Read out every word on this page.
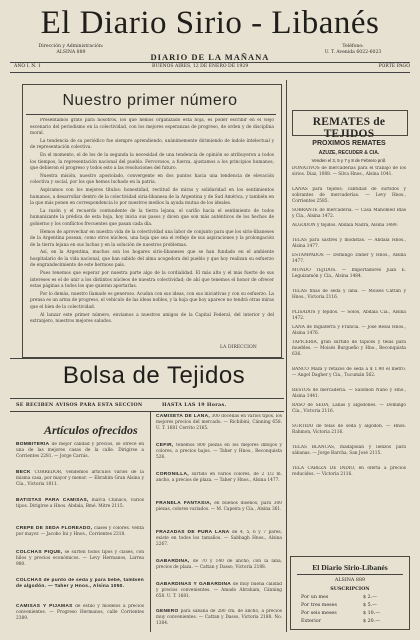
El Diario Sirio - Libanés
Dirección y Administración:
ALSINA 889	DIARIO DE LA MAÑANA
Teléfono:
U. T. Avenida 6022-6023
AÑO I. N. 1	BUENOS AIRES, 12 DE ENERO DE 1929	PORTE PAGO
Nuestro primer número

Presentamos grato para nosotros, los que hemos organizado esta hoja, es poder escribir en el viejo escenario del periodismo en la colectividad, con los mejores esperanzas de progreso, de orden y de disciplina moral.

La tendencia de su periódico fue siempre aprendiendo, unánimemente dirimiendo de índole intelectual y de representación colectiva.

En el momento, el de los de la segunda la necesidad de una tendencia de opinión se atribuyeron a todos los tiempos, la representación nacional del pueblo. Fervorosos, a fuerza, ajustamos a los principios humanos, que debieron el progreso y todos esto a las resoluciones del futuro.

Nuestra misión, nuestro apostolado, convergente en dos puntos hacia una tendencia de elevación colectiva y social, por los que hemos luchado en la patria.

Aspiramos con los mejores títulos: honestidad, rectitud de miras y solidaridad en los sentimientos humanos, a desarrollar dentro de la colectividad siria-libanesa de la Argentina y de Sud América, y también en la que más ponen en correspondencia lo por nuestros medios la ayuda mutua de los ideales.

La razón y el recuerdo contundente de la tierra lejana, el cariño hacia el sentimiento de todos humanizante la prédica de esta hoja, hoy inicia sus pasos y dicen que son más auténticos de los hechos de gobierno y los conflictos frecuentes que pasan cada día.

Hemos de aprovechar en nuestra vida de la colectividad una labor de conjunto para que los sirio-libaneses de la Argentina posean, como otros núcleos, una hoja que sea el reflejo de sus aspiraciones y la prolongación de la tierra lejana en sus luchas y en la solución de nuestros problemas.

Así, en la Argentina, muchos son los hogares sirio-libaneses que se han fundado en el ambiente hospitalario de la vida nacional, que han sabido del alma acogedora del pueblo y que hoy realizan su esfuerzo de engrandecimiento de este hermoso país.

Pues tenemos que esperar por nuestra parte algo de la cordialidad. El más alto y el más fuerte de sus intereses es el de unir a los distintos núcleos de nuestra colectividad; de ahí que tenemos el honor de ofrecer estas páginas a todos los que quieran aportarlas.

Por lo demás, nuestro llamado es generoso. Acudan con sus ideas, con sus iniciativas y con su esfuerzo. La prensa es un arma de progreso, el vehículo de las ideas nobles, y la hoja que hoy aparece no tendrá otras miras que el bien de la colectividad.

Al lanzar este primer número, enviamos a nuestros amigos de la Capital Federal, del interior y del extranjero, nuestros mejores saludos.

LA DIRECCION
REMATES de TEJIDOS
PROXIMOS REMATES
AZUZE, RECUDER & CIA.
Venden el 3, 5 y 7 y 8 de Febrero pról.
DONATIVOS de mercaderías para el trabajo de los sirios. Diaz, 1088. — Silva Hnos., Alsina 1041.
LANAS para tejidos; cantidad de surtidos y sobrantes de mercaderías. — Levy Hnos., Corrientes 2585.
SOBRANTE de mercadería. — Casa Mahomed Blas y Cía., Alsina 1472.
ALGODON y tejidos. Abdala Nadra, Alsina 1489.
TELAS para sastres y modistas. — Abdala Hnos., Alsina 1477.
ESTAMPADOS — Domingo Daher y Hnos., Alsina 1477.
MUNDO TEJIDOS. — Importadores Juan E. Leguizamón y Cía., Alsina 1484.
TELAS finas de seda y lana. — Moisés Cattan y Hnos., Victoria 2116.
PLISADOS y tejidos. — Solos, Abdala Cía., Alsina 1472.
LANA de Inglaterra y Francia. — José Resal Hnos., Alsina 1476.
TAPICERIA, gran surtido de tapices y telas para muebles. — Moisés Burgueño y Hno., Reconquista 636.
BANCO Maza y retazos de seda a $ 1.90 el metro. — Angel Dagher y Cía., Tucumán 562.
RESTOS de mercadería. — Salomón Nuño y Hno., Alsina 1441.
RASO de SEDA, Lanas y algodones. — Domingo Cía., Victoria 2116.
SURTIDO de telas de seda y algodón. — Hnos. Rahmon, Victoria 2116.
TELAS BLANCAS, madapolán y lienzos para sábanas. — Jorge Barcha, San José 2115.
TELA CABEZA DE INDIO, en oferta a precios reducidos. — Victoria 2116.
Bolsa de Tejidos
SE RECIBEN AVISOS PARA ESTA SECCION	HASTA LAS 19 Horas.
Artículos ofrecidos
BOMBITERIA de mejor calidad y precios, se ofrece en una de las mejores casas de la calle. Dirigirse a Corrientes 2281. — Jorge Carrás.
BECK CORREDOR, vendemos artículos varios de la misma casa, por mayor y menor. — Ebrahim Gran Alsina y Cía., Victoria 1811.
BATISTAS PARA CAMISAS, marca Chinaco, varios tipos. Dirigirse a Hnos. Abdala, Bmé. Mitre 2115.
CREPE DE SEDA FLOREADO, clases y colores. Venta por mayor. — Jacobo Ini y Hnos., Corrientes 2318.
COLCHAS PIQUE, se surten todos tipos y clases, con hilos y precios económicos. — Levy Hermanos, Larrea 980.
COLCHAS de punto de seda y para bebé, también de algodón. — Taher y Hnos., Alsina 1050.
CAMISAS Y PIJAMAS de estilo y modelos a precios convenientes. — Progreso Hermanos, calle Corrientes 2389.
CAMISETA DE LANA, 300 docenas en varios tipos, los mejores precios del mercado. — Richibini, Cánning 658. U. T. 1681 Cerrito 2165.
CEFIR, tenemos 800 piezas en los mejores dibujos y colores, a precios bajos. — Taher y Hnos., Reconquista 526.
CORONILLA, surtido en varios colores, de 2 1/2 m. ancho, a precios de plaza. — Taher y Hnos., Alsina 1477.
FRANELA FANTASIA, en buenos diseños, para 300 piezas, colores variados. — M. Capeira y Cía., Alsina 361.
FRAZADAS DE PURA LANA de 4, 5, 6 y 7 pares, existe en todos los tamaños. — Sabbagh Hnos., Alsina 2267.
GABARDINA, de 70 y 140 de ancho, con la lana, precios de plaza. — Cattan y Dasso, Victoria 2188.
GABARDINAS Y GABARDINA de muy buena calidad y precios convenientes. — Amado Abraham, Cánning 658. U. T. 1681.
GENERO para sábana de 280 cm. de ancho, a precios muy convenientes. — Cattan y Dasso, Victoria 2188. No. 1384.
El Diario Sirio-Libanés
ALSINA 889
SUSCRIPCION
Por un mes	$ 2.—
Por tres meses	$ 5.—
Por seis meses	$ 10.—
Exterior	$ 20.—
